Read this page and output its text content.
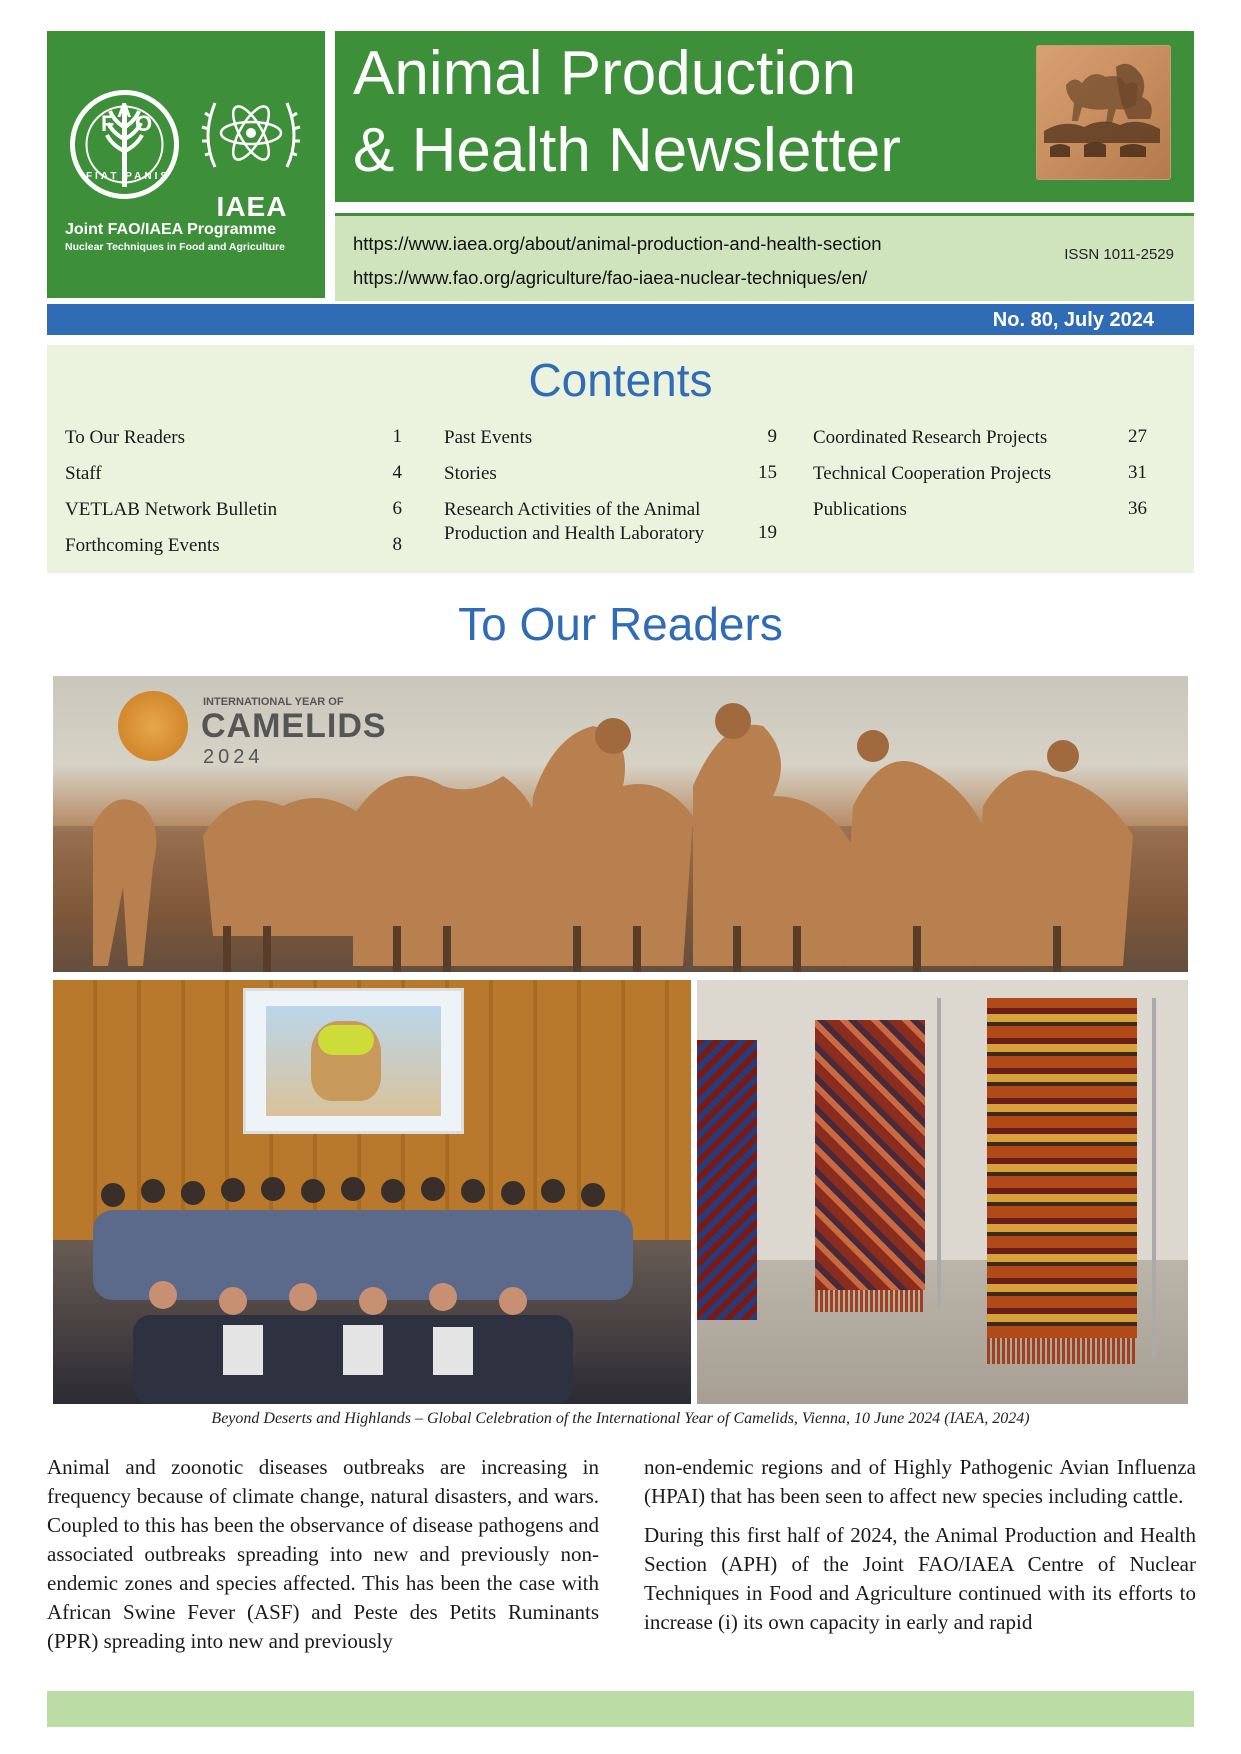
F A O
FIAT PANIS
IAEA
Joint FAO/IAEA Programme
Nuclear Techniques in Food and Agriculture
Animal Production
& Health Newsletter
https://www.iaea.org/about/animal-production-and-health-section
https://www.fao.org/agriculture/fao-iaea-nuclear-techniques/en/
ISSN 1011-2529
No. 80, July 2024
Contents
To Our Readers	1
Staff	4
VETLAB Network Bulletin	6
Forthcoming Events	8
Past Events	9
Stories	15
Research Activities of the Animal Production and Health Laboratory	19
Coordinated Research Projects	27
Technical Cooperation Projects	31
Publications	36
To Our Readers
INTERNATIONAL YEAR OF
CAMELIDS
2024
Beyond Deserts and Highlands – Global Celebration of the International Year of Camelids, Vienna, 10 June 2024 (IAEA, 2024)

Animal and zoonotic diseases outbreaks are increasing in frequency because of climate change, natural disasters, and wars. Coupled to this has been the observance of disease pathogens and associated outbreaks spreading into new and previously non-endemic zones and species affected. This has been the case with African Swine Fever (ASF) and Peste des Petits Ruminants (PPR) spreading into new and previously

non-endemic regions and of Highly Pathogenic Avian Influenza (HPAI) that has been seen to affect new species including cattle.

During this first half of 2024, the Animal Production and Health Section (APH) of the Joint FAO/IAEA Centre of Nuclear Techniques in Food and Agriculture continued with its efforts to increase (i) its own capacity in early and rapid
